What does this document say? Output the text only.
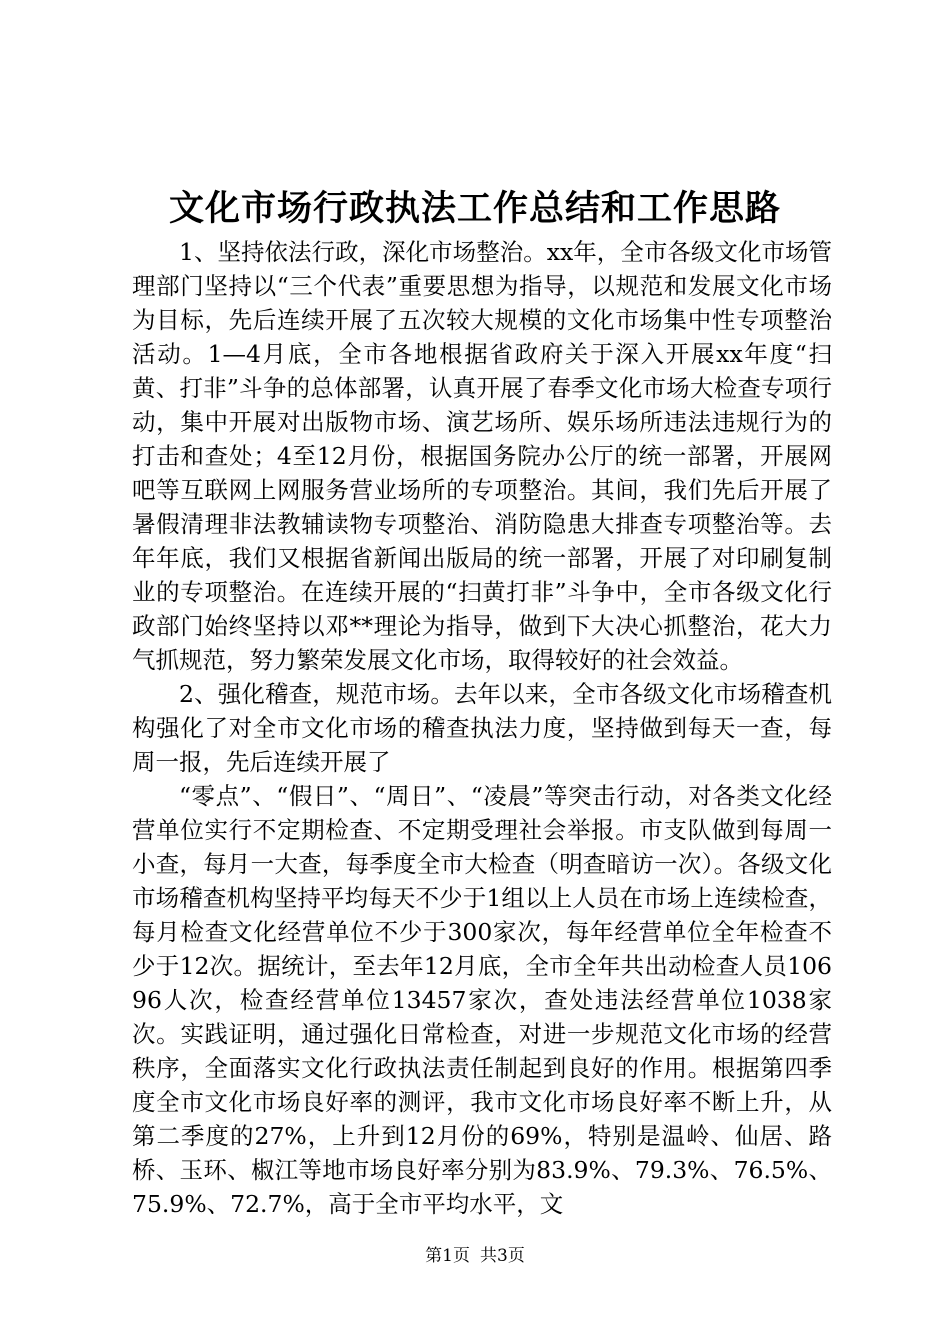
文化市场行政执法工作总结和工作思路

1、坚持依法行政，深化市场整治。xx年，全市各级文化市场管理部门坚持以“三个代表”重要思想为指导，以规范和发展文化市场为目标，先后连续开展了五次较大规模的文化市场集中性专项整治活动。1—4月底，全市各地根据省政府关于深入开展xx年度“扫黄、打非”斗争的总体部署，认真开展了春季文化市场大检查专项行动，集中开展对出版物市场、演艺场所、娱乐场所违法违规行为的打击和查处；4至12月份，根据国务院办公厅的统一部署，开展网吧等互联网上网服务营业场所的专项整治。其间，我们先后开展了暑假清理非法教辅读物专项整治、消防隐患大排查专项整治等。去年年底，我们又根据省新闻出版局的统一部署，开展了对印刷复制业的专项整治。在连续开展的“扫黄打非”斗争中，全市各级文化行政部门始终坚持以邓**理论为指导，做到下大决心抓整治，花大力气抓规范，努力繁荣发展文化市场，取得较好的社会效益。

2、强化稽查，规范市场。去年以来，全市各级文化市场稽查机构强化了对全市文化市场的稽查执法力度，坚持做到每天一查，每周一报，先后连续开展了

“零点”、“假日”、“周日”、“凌晨”等突击行动，对各类文化经营单位实行不定期检查、不定期受理社会举报。市支队做到每周一小查，每月一大查，每季度全市大检查（明查暗访一次）。各级文化市场稽查机构坚持平均每天不少于1组以上人员在市场上连续检查，每月检查文化经营单位不少于300家次，每年经营单位全年检查不少于12次。据统计，至去年12月底，全市全年共出动检查人员10696人次，检查经营单位13457家次，查处违法经营单位1038家次。实践证明，通过强化日常检查，对进一步规范文化市场的经营秩序，全面落实文化行政执法责任制起到良好的作用。根据第四季度全市文化市场良好率的测评，我市文化市场良好率不断上升，从第二季度的27%，上升到12月份的69%，特别是温岭、仙居、路桥、玉环、椒江等地市场良好率分别为83.9%、79.3%、76.5%、75.9%、72.7%，高于全市平均水平，文

第1页 共3页
